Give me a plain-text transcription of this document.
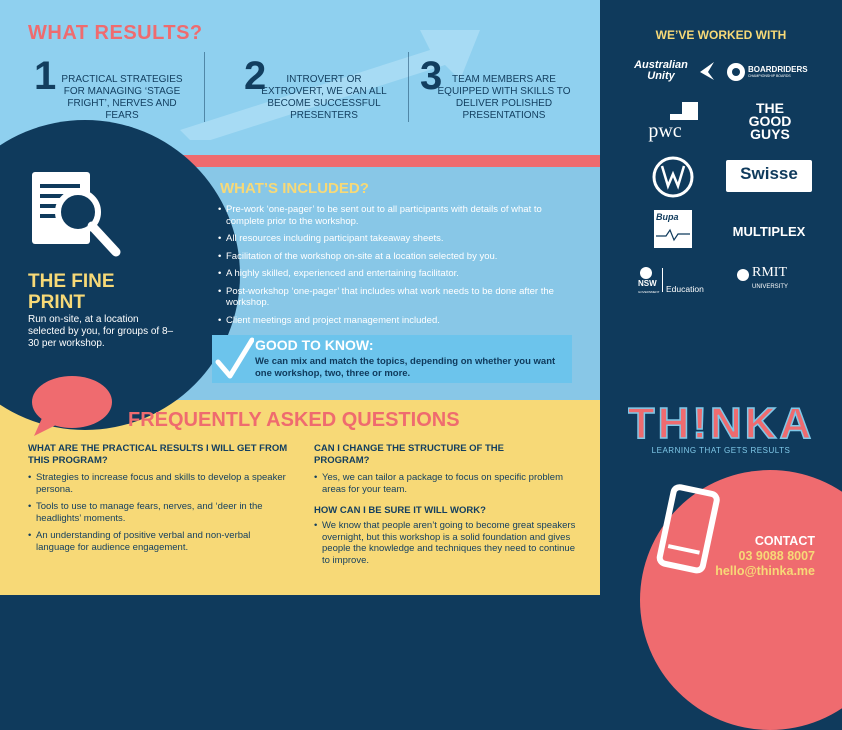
WHAT RESULTS?
1 PRACTICAL STRATEGIES FOR MANAGING ‘STAGE FRIGHT’, NERVES AND FEARS
2	INTROVERT OR EXTROVERT, WE CAN ALL BECOME SUCCESSFUL PRESENTERS
3 TEAM MEMBERS ARE EQUIPPED WITH SKILLS TO DELIVER POLISHED PRESENTATIONS
THE FINE
PRINT
Run on-site, at a location selected by you, for groups of 8–30 per workshop.
WHAT’S INCLUDED?
• Pre-work ‘one-pager’ to be sent out to all participants with details of what to complete prior to the workshop.
• All resources including participant takeaway sheets.
• Facilitation of the workshop on-site at a location selected by you.
• A highly skilled, experienced and entertaining facilitator.
• Post-workshop ‘one-pager’ that includes what work needs to be done after the workshop.
• Client meetings and project management included.
GOOD TO KNOW:
We can mix and match the topics, depending on whether you want one workshop, two, three or more.
FREQUENTLY ASKED QUESTIONS
WHAT ARE THE PRACTICAL RESULTS I WILL GET FROM THIS PROGRAM?
• Strategies to increase focus and skills to develop a speaker persona.
• Tools to use to manage fears, nerves, and ‘deer in the headlights’ moments.
• An understanding of positive verbal and non-verbal language for audience engagement.
CAN I CHANGE THE STRUCTURE OF THE PROGRAM?
• Yes, we can tailor a package to focus on specific problem areas for your team.
HOW CAN I BE SURE IT WILL WORK?
• We know that people aren’t going to become great speakers overnight, but this workshop is a solid foundation and gives people the knowledge and techniques they need to continue to improve.
WE’VE WORKED WITH
Australian
Unity
BOARDRIDERS
CHAMPIONSHIP BOARDS
pwc
THE
GOOD
GUYS
Swisse
Bupa
MULTIPLEX
NSW
GOVERNMENT Education
RMIT
UNIVERSITY
TH!NKA
LEARNING THAT GETS RESULTS
CONTACT
03 9088 8007
hello@thinka.me
